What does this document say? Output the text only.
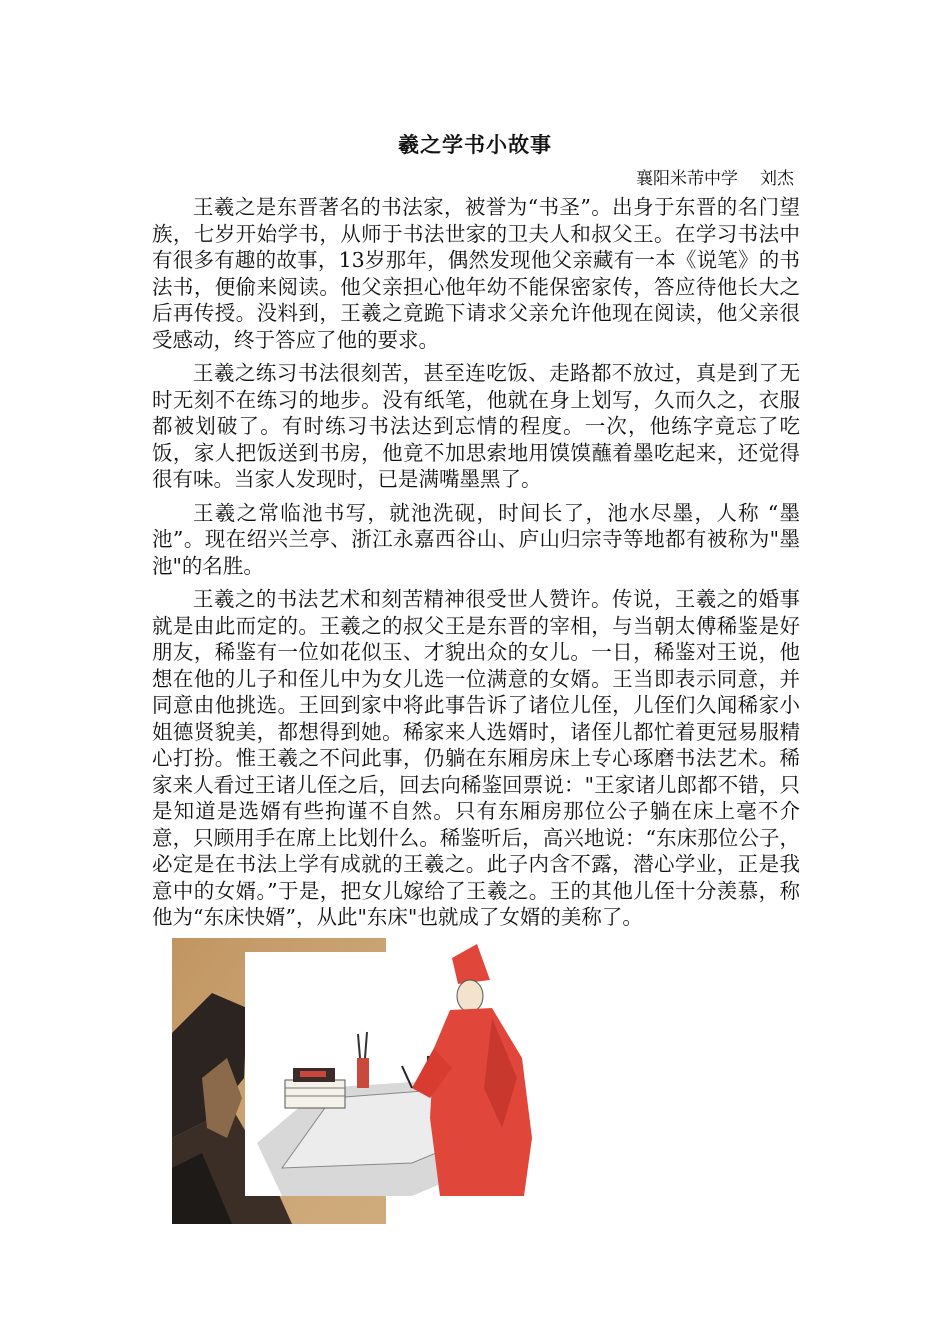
羲之学书小故事
襄阳米芾中学 刘杰

王羲之是东晋著名的书法家，被誉为“书圣”。出身于东晋的名门望族，七岁开始学书，从师于书法世家的卫夫人和叔父王。在学习书法中有很多有趣的故事，13岁那年，偶然发现他父亲藏有一本《说笔》的书法书，便偷来阅读。他父亲担心他年幼不能保密家传，答应待他长大之后再传授。没料到，王羲之竟跪下请求父亲允许他现在阅读，他父亲很受感动，终于答应了他的要求。

王羲之练习书法很刻苦，甚至连吃饭、走路都不放过，真是到了无时无刻不在练习的地步。没有纸笔，他就在身上划写，久而久之，衣服都被划破了。有时练习书法达到忘情的程度。一次，他练字竟忘了吃饭，家人把饭送到书房，他竟不加思索地用馍馍蘸着墨吃起来，还觉得很有味。当家人发现时，已是满嘴墨黑了。

王羲之常临池书写，就池洗砚，时间长了，池水尽墨，人称 “墨池”。现在绍兴兰亭、浙江永嘉西谷山、庐山归宗寺等地都有被称为"墨池"的名胜。

王羲之的书法艺术和刻苦精神很受世人赞许。传说，王羲之的婚事就是由此而定的。王羲之的叔父王是东晋的宰相，与当朝太傅稀鉴是好朋友，稀鉴有一位如花似玉、才貌出众的女儿。一日，稀鉴对王说，他想在他的儿子和侄儿中为女儿选一位满意的女婿。王当即表示同意，并同意由他挑选。王回到家中将此事告诉了诸位儿侄，儿侄们久闻稀家小姐德贤貌美，都想得到她。稀家来人选婿时，诸侄儿都忙着更冠易服精心打扮。惟王羲之不问此事，仍躺在东厢房床上专心琢磨书法艺术。稀家来人看过王诸儿侄之后，回去向稀鉴回票说："王家诸儿郎都不错，只是知道是选婿有些拘谨不自然。只有东厢房那位公子躺在床上毫不介意，只顾用手在席上比划什么。稀鉴听后，高兴地说：“东床那位公子，必定是在书法上学有成就的王羲之。此子内含不露，潜心学业，正是我意中的女婿。”于是，把女儿嫁给了王羲之。王的其他儿侄十分羡慕，称他为“东床快婿”，从此"东床"也就成了女婿的美称了。
